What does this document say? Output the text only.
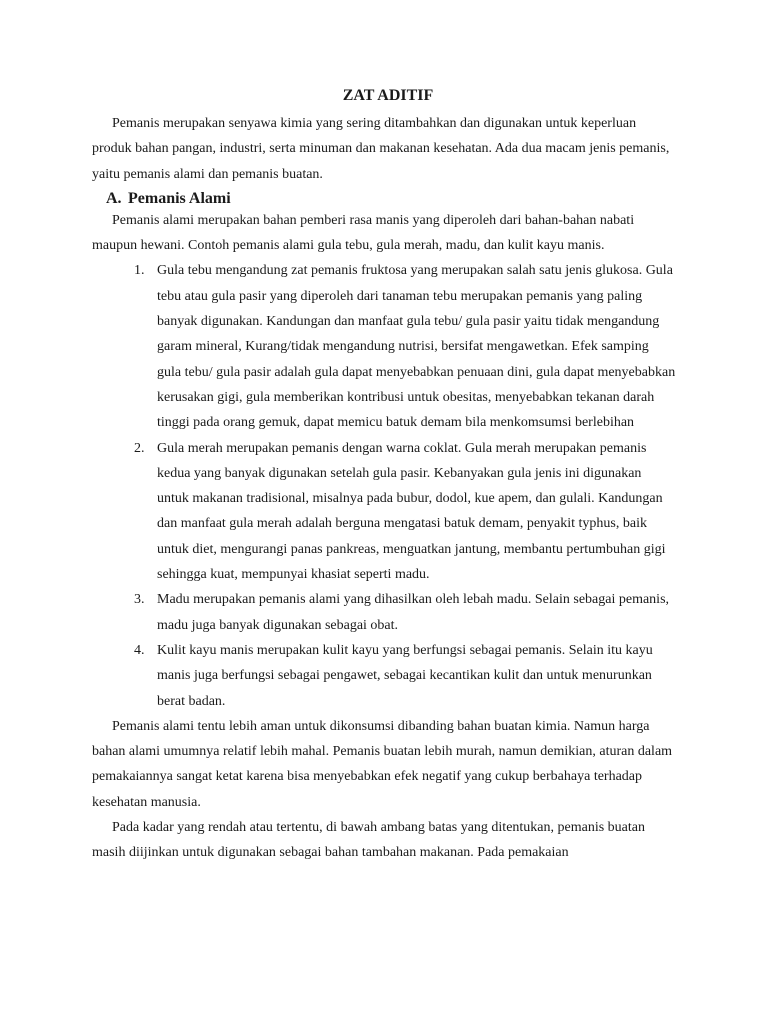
ZAT ADITIF

Pemanis merupakan senyawa kimia yang sering ditambahkan dan digunakan untuk keperluan produk bahan pangan, industri, serta minuman dan makanan kesehatan. Ada dua macam jenis pemanis, yaitu pemanis alami dan pemanis buatan.

A. Pemanis Alami

Pemanis alami merupakan bahan pemberi rasa manis yang diperoleh dari bahan-bahan nabati maupun hewani. Contoh pemanis alami gula tebu, gula merah, madu, dan kulit kayu manis.

1. Gula tebu mengandung zat pemanis fruktosa yang merupakan salah satu jenis glukosa. Gula tebu atau gula pasir yang diperoleh dari tanaman tebu merupakan pemanis yang paling banyak digunakan. Kandungan dan manfaat gula tebu/ gula pasir yaitu tidak mengandung garam mineral, Kurang/tidak mengandung nutrisi, bersifat mengawetkan. Efek samping gula tebu/ gula pasir adalah gula dapat menyebabkan penuaan dini, gula dapat menyebabkan kerusakan gigi, gula memberikan kontribusi untuk obesitas, menyebabkan tekanan darah tinggi pada orang gemuk, dapat memicu batuk demam bila menkomsumsi berlebihan
2. Gula merah merupakan pemanis dengan warna coklat. Gula merah merupakan pemanis kedua yang banyak digunakan setelah gula pasir. Kebanyakan gula jenis ini digunakan untuk makanan tradisional, misalnya pada bubur, dodol, kue apem, dan gulali. Kandungan dan manfaat gula merah adalah berguna mengatasi batuk demam, penyakit typhus, baik untuk diet, mengurangi panas pankreas, menguatkan jantung, membantu pertumbuhan gigi sehingga kuat, mempunyai khasiat seperti madu.
3. Madu merupakan pemanis alami yang dihasilkan oleh lebah madu. Selain sebagai pemanis, madu juga banyak digunakan sebagai obat.
4. Kulit kayu manis merupakan kulit kayu yang berfungsi sebagai pemanis. Selain itu kayu manis juga berfungsi sebagai pengawet, sebagai kecantikan kulit dan untuk menurunkan berat badan.

Pemanis alami tentu lebih aman untuk dikonsumsi dibanding bahan buatan kimia. Namun harga bahan alami umumnya relatif lebih mahal. Pemanis buatan lebih murah, namun demikian, aturan dalam pemakaiannya sangat ketat karena bisa menyebabkan efek negatif yang cukup berbahaya terhadap kesehatan manusia.

Pada kadar yang rendah atau tertentu, di bawah ambang batas yang ditentukan, pemanis buatan masih diijinkan untuk digunakan sebagai bahan tambahan makanan. Pada pemakaian
